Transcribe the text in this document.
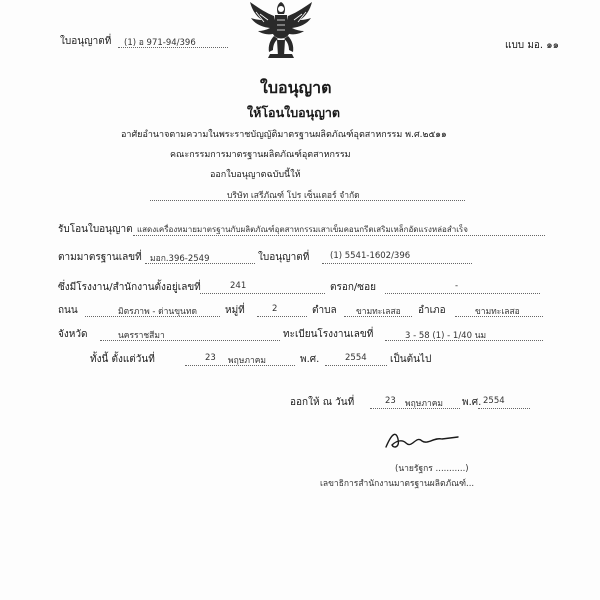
ใบอนุญาตที่ (1) อ 971-94/396	แบบ มอ. ๑๑
ใบอนุญาต
ให้โอนใบอนุญาต
อาศัยอำนาจตามความในพระราชบัญญัติมาตรฐานผลิตภัณฑ์อุตสาหกรรม พ.ศ.๒๕๑๑
คณะกรรมการมาตรฐานผลิตภัณฑ์อุตสาหกรรม
ออกใบอนุญาตฉบับนี้ให้
บริษัท เสรีภัณฑ์ โปร เซ็นเตอร์ จำกัด
รับโอนใบอนุญาต แสดงเครื่องหมายมาตรฐานกับผลิตภัณฑ์อุตสาหกรรมเสาเข็มคอนกรีตเสริมเหล็กอัดแรงหล่อสำเร็จ
ตามมาตรฐานเลขที่ มอก.396-2549	ใบอนุญาตที่ (1) 5541-1602/396
ซึ่งมีโรงงาน/สำนักงานตั้งอยู่เลขที่	241	ตรอก/ซอย	-
ถนน	มิตรภาพ - ด่านขุนทด	หมู่ที่	2	ตำบล ขามทะเลสอ อำเภอ	ขามทะเลสอ
จังหวัด	นครราชสีมา	ทะเบียนโรงงานเลขที่	3 - 58 (1) - 1/40 นม
ทั้งนี้ ตั้งแต่วันที่	23 พฤษภาคม	พ.ศ.	2554 เป็นต้นไป
ออกให้ ณ วันที่	23 พฤษภาคม พ.ศ. 2554
(นายรัฐกร ...........)
เลขาธิการสำนักงานมาตรฐานผลิตภัณฑ์...
